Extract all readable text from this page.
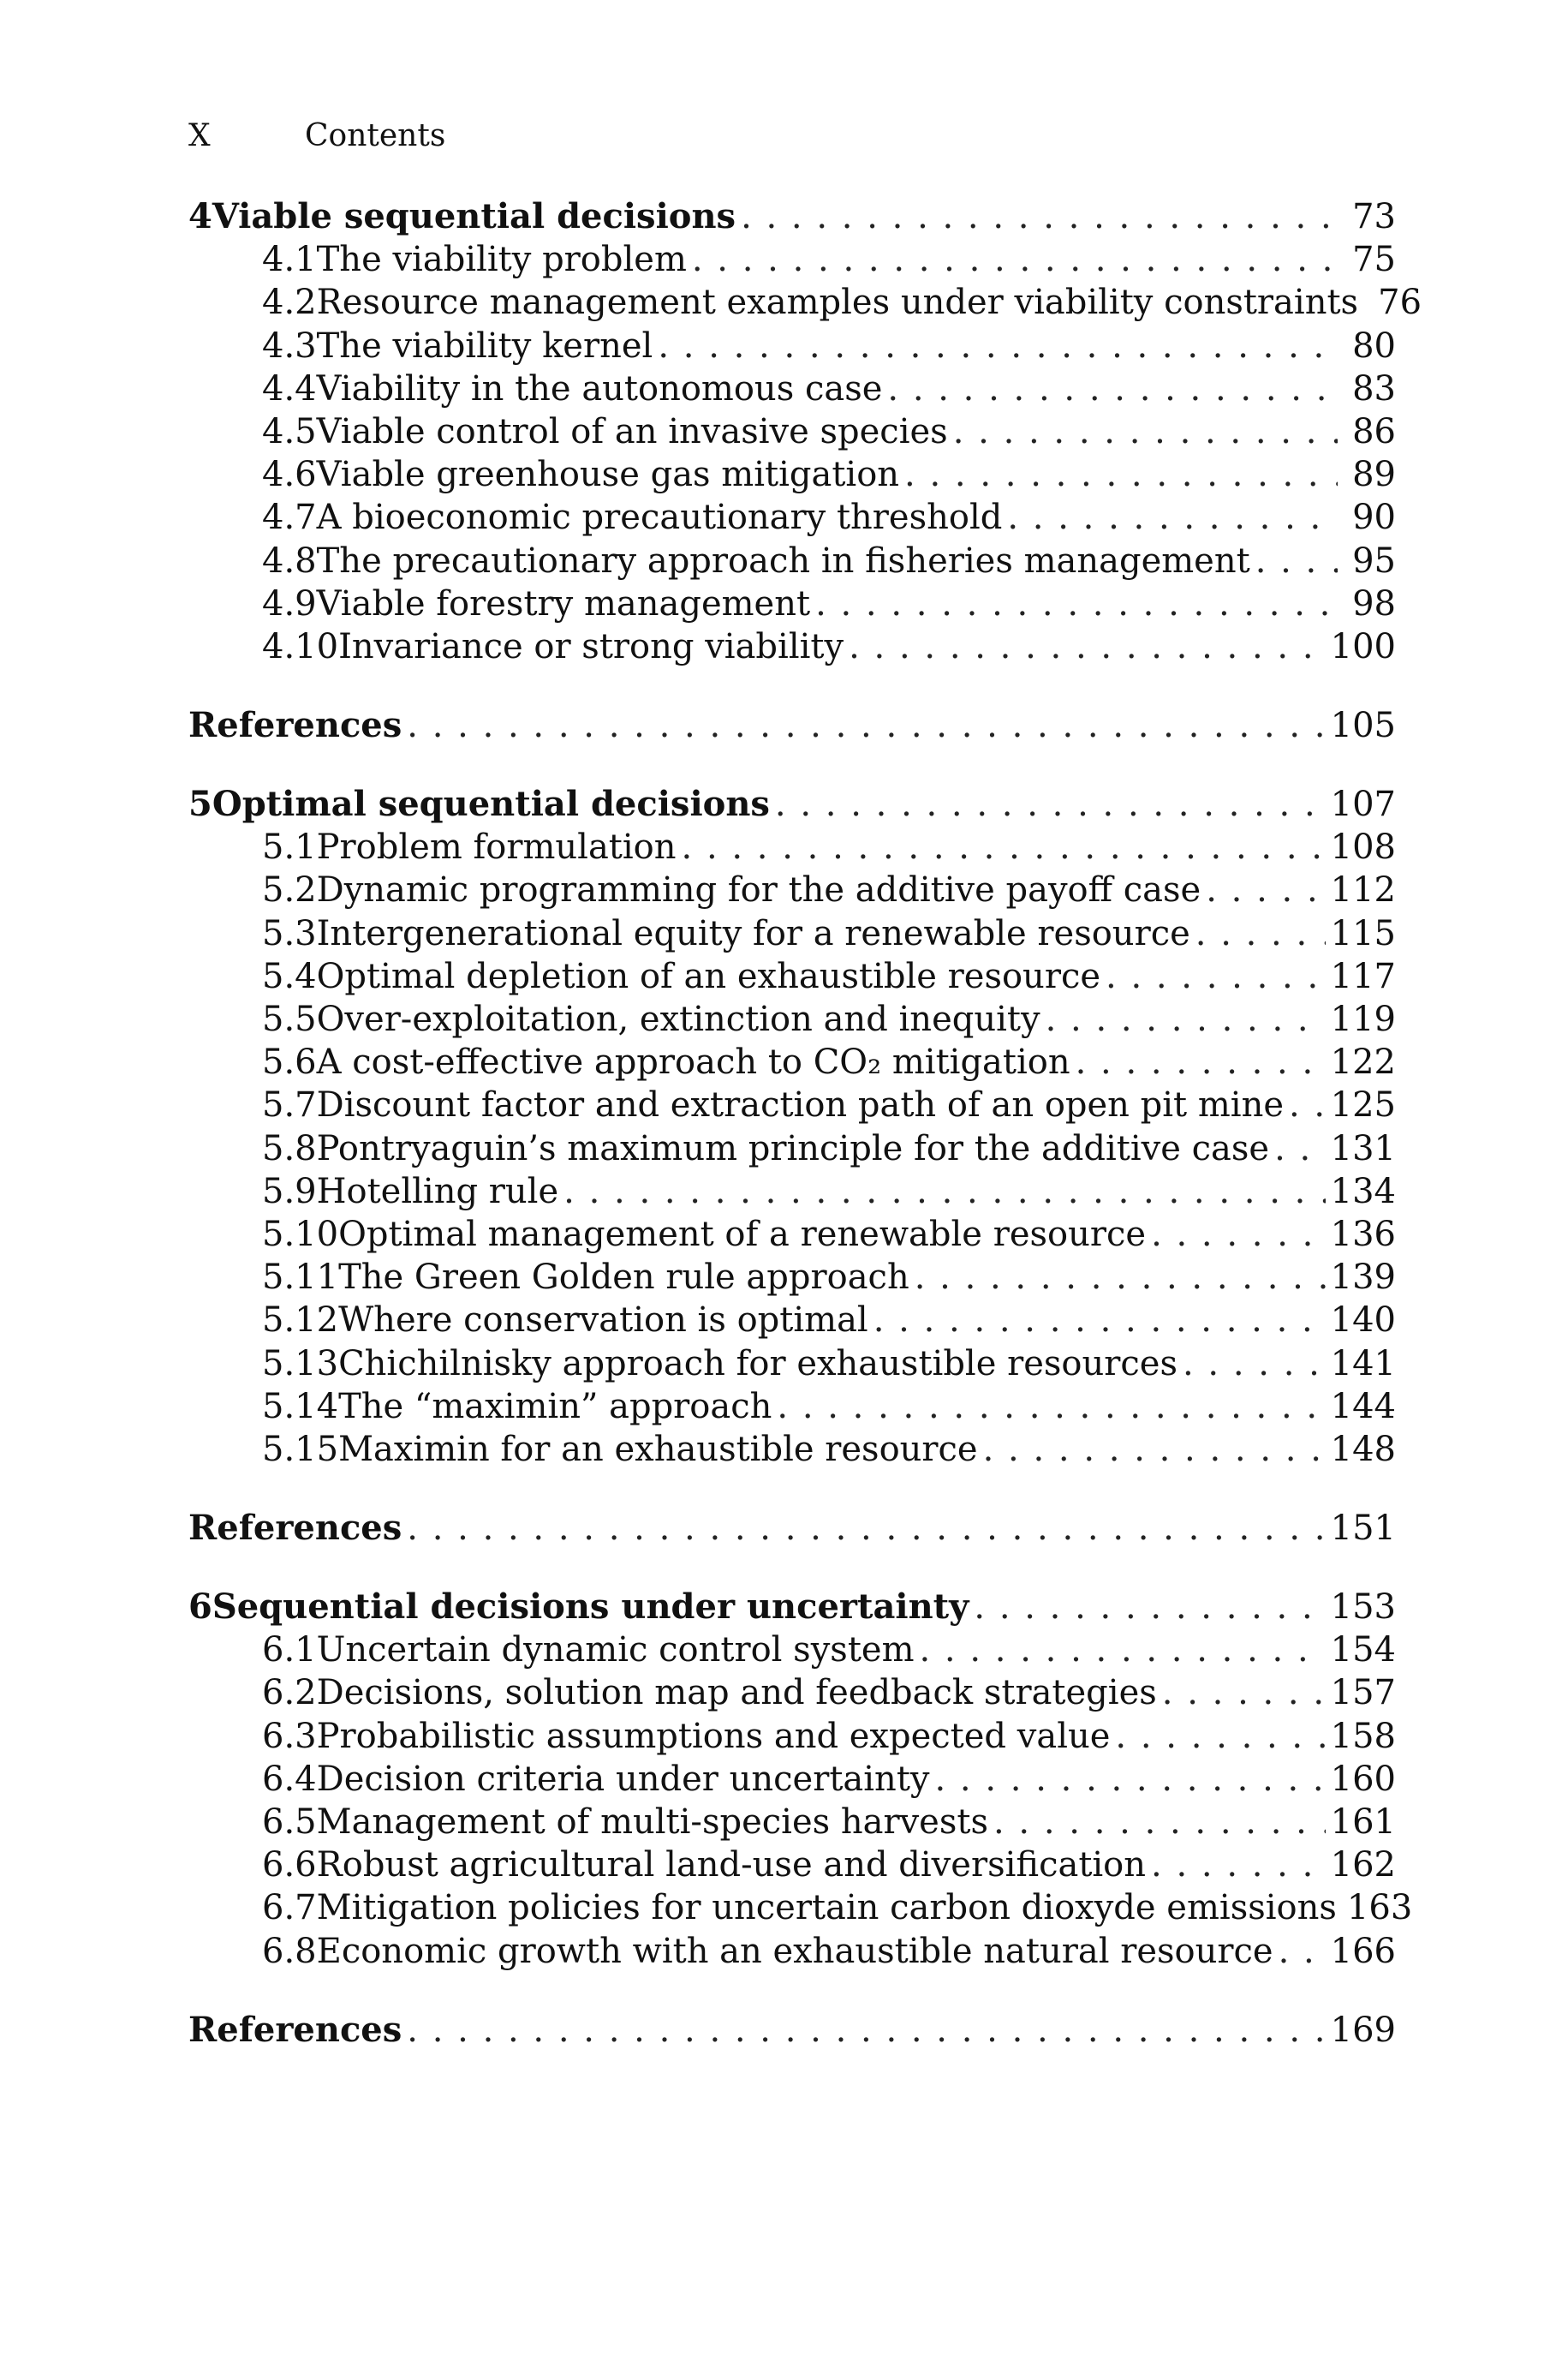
X	Contents
4 Viable sequential decisions . . .	73
4.1 The viability problem . . .	75
4.2 Resource management examples under viability constraints 76
4.3 The viability kernel . . .	80
4.4 Viability in the autonomous case . . .	83
4.5 Viable control of an invasive species . . .	86
4.6 Viable greenhouse gas mitigation . . .	89
4.7 A bioeconomic precautionary threshold . . .	90
4.8 The precautionary approach in fisheries management . . .	95
4.9 Viable forestry management . . .	98
4.10 Invariance or strong viability . . .	100
References . . .	105
5 Optimal sequential decisions . . .	107
5.1 Problem formulation . . .	108
5.2 Dynamic programming for the additive payoff case . . .	112
5.3 Intergenerational equity for a renewable resource . . .	115
5.4 Optimal depletion of an exhaustible resource . . .	117
5.5 Over-exploitation, extinction and inequity . . .	119
5.6 A cost-effective approach to CO₂ mitigation . . .	122
5.7 Discount factor and extraction path of an open pit mine . . . 125
5.8 Pontryaguin’s maximum principle for the additive case . . . 131
5.9 Hotelling rule . . .	134
5.10 Optimal management of a renewable resource . . .	136
5.11 The Green Golden rule approach . . .	139
5.12 Where conservation is optimal . . .	140
5.13 Chichilnisky approach for exhaustible resources . . .	141
5.14 The “maximin” approach . . .	144
5.15 Maximin for an exhaustible resource . . .	148
References . . .	151
6 Sequential decisions under uncertainty . . .	153
6.1 Uncertain dynamic control system . . .	154
6.2 Decisions, solution map and feedback strategies . . .	157
6.3 Probabilistic assumptions and expected value . . .	158
6.4 Decision criteria under uncertainty . . .	160
6.5 Management of multi-species harvests . . .	161
6.6 Robust agricultural land-use and diversification . . .	162
6.7 Mitigation policies for uncertain carbon dioxyde emissions 163
6.8 Economic growth with an exhaustible natural resource . . . 166
References . . .	169
